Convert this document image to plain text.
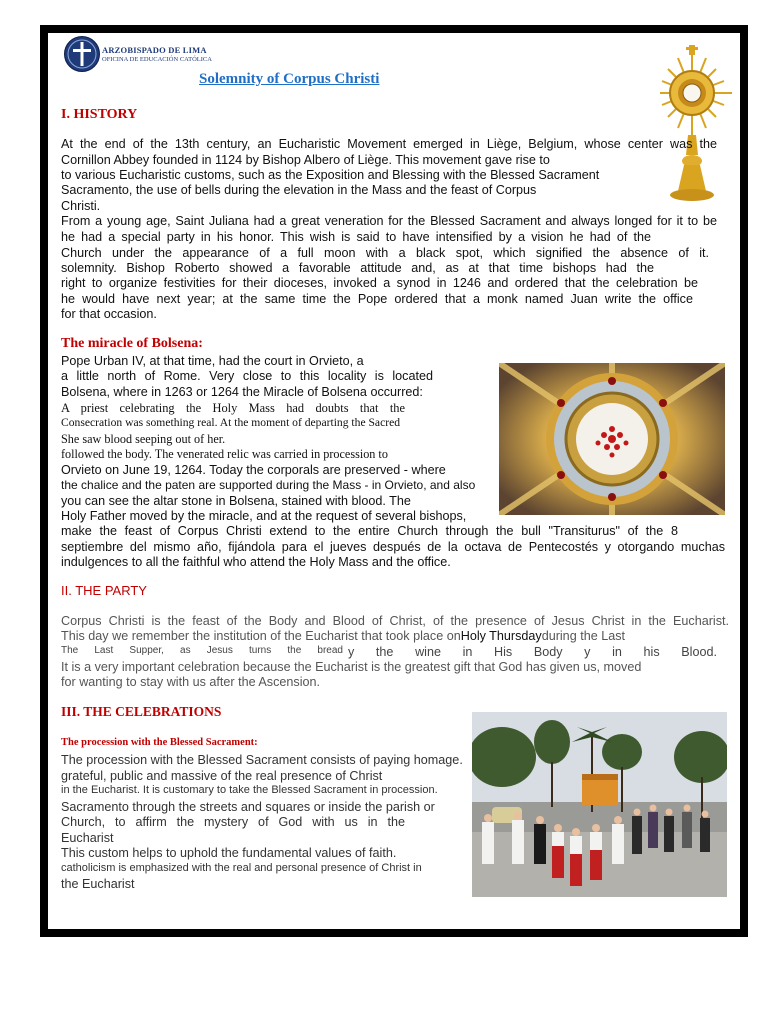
ARZOBISPADO DE LIMA
OFICINA DE EDUCACIÓN CATÓLICA
Solemnity of Corpus Christi
I. HISTORY
At the end of the 13th century, an Eucharistic Movement emerged in Liège, Belgium, whose center was the
Cornillon Abbey founded in 1124 by Bishop Albero of Liège. This movement gave rise to
to various Eucharistic customs, such as the Exposition and Blessing with the Blessed Sacrament
Sacramento, the use of bells during the elevation in the Mass and the feast of Corpus
Christi.
From a young age, Saint Juliana had a great veneration for the Blessed Sacrament and always longed for it to be
he had a special party in his honor. This wish is said to have intensified by a vision he had of the
Church under the appearance of a full moon with a black spot, which signified the absence of it.
solemnity. Bishop Roberto showed a favorable attitude and, as at that time bishops had the
right to organize festivities for their dioceses, invoked a synod in 1246 and ordered that the celebration be
he would have next year; at the same time the Pope ordered that a monk named Juan write the office
for that occasion.
The miracle of Bolsena:
Pope Urban IV, at that time, had the court in Orvieto, a
a little north of Rome. Very close to this locality is located
Bolsena, where in 1263 or 1264 the Miracle of Bolsena occurred:
A priest celebrating the Holy Mass had doubts that the
Consecration was something real. At the moment of departing the Sacred
She saw blood seeping out of her.
followed the body. The venerated relic was carried in procession to
Orvieto on June 19, 1264. Today the corporals are preserved - where
the chalice and the paten are supported during the Mass - in Orvieto, and also
you can see the altar stone in Bolsena, stained with blood. The
Holy Father moved by the miracle, and at the request of several bishops,
make the feast of Corpus Christi extend to the entire Church through the bull "Transiturus" of the 8
septiembre del mismo año, fijándola para el jueves después de la octava de Pentecostés y otorgando muchas
indulgences to all the faithful who attend the Holy Mass and the office.
II. THE PARTY
Corpus Christi is the feast of the Body and Blood of Christ, of the presence of Jesus Christ in the Eucharist.
This day we remember the institution of the Eucharist that took place onHoly Thursdayduring the Last
The Last Supper, as Jesus turns the bread y the wine in His Body y in his Blood.
It is a very important celebration because the Eucharist is the greatest gift that God has given us, moved
for wanting to stay with us after the Ascension.
III. THE CELEBRATIONS
The procession with the Blessed Sacrament:
The procession with the Blessed Sacrament consists of paying homage.
grateful, public and massive of the real presence of Christ
in the Eucharist. It is customary to take the Blessed Sacrament in procession.
Sacramento through the streets and squares or inside the parish or
Church, to affirm the mystery of God with us in the
Eucharist
This custom helps to uphold the fundamental values of faith.
catholicism is emphasized with the real and personal presence of Christ in
the Eucharist
